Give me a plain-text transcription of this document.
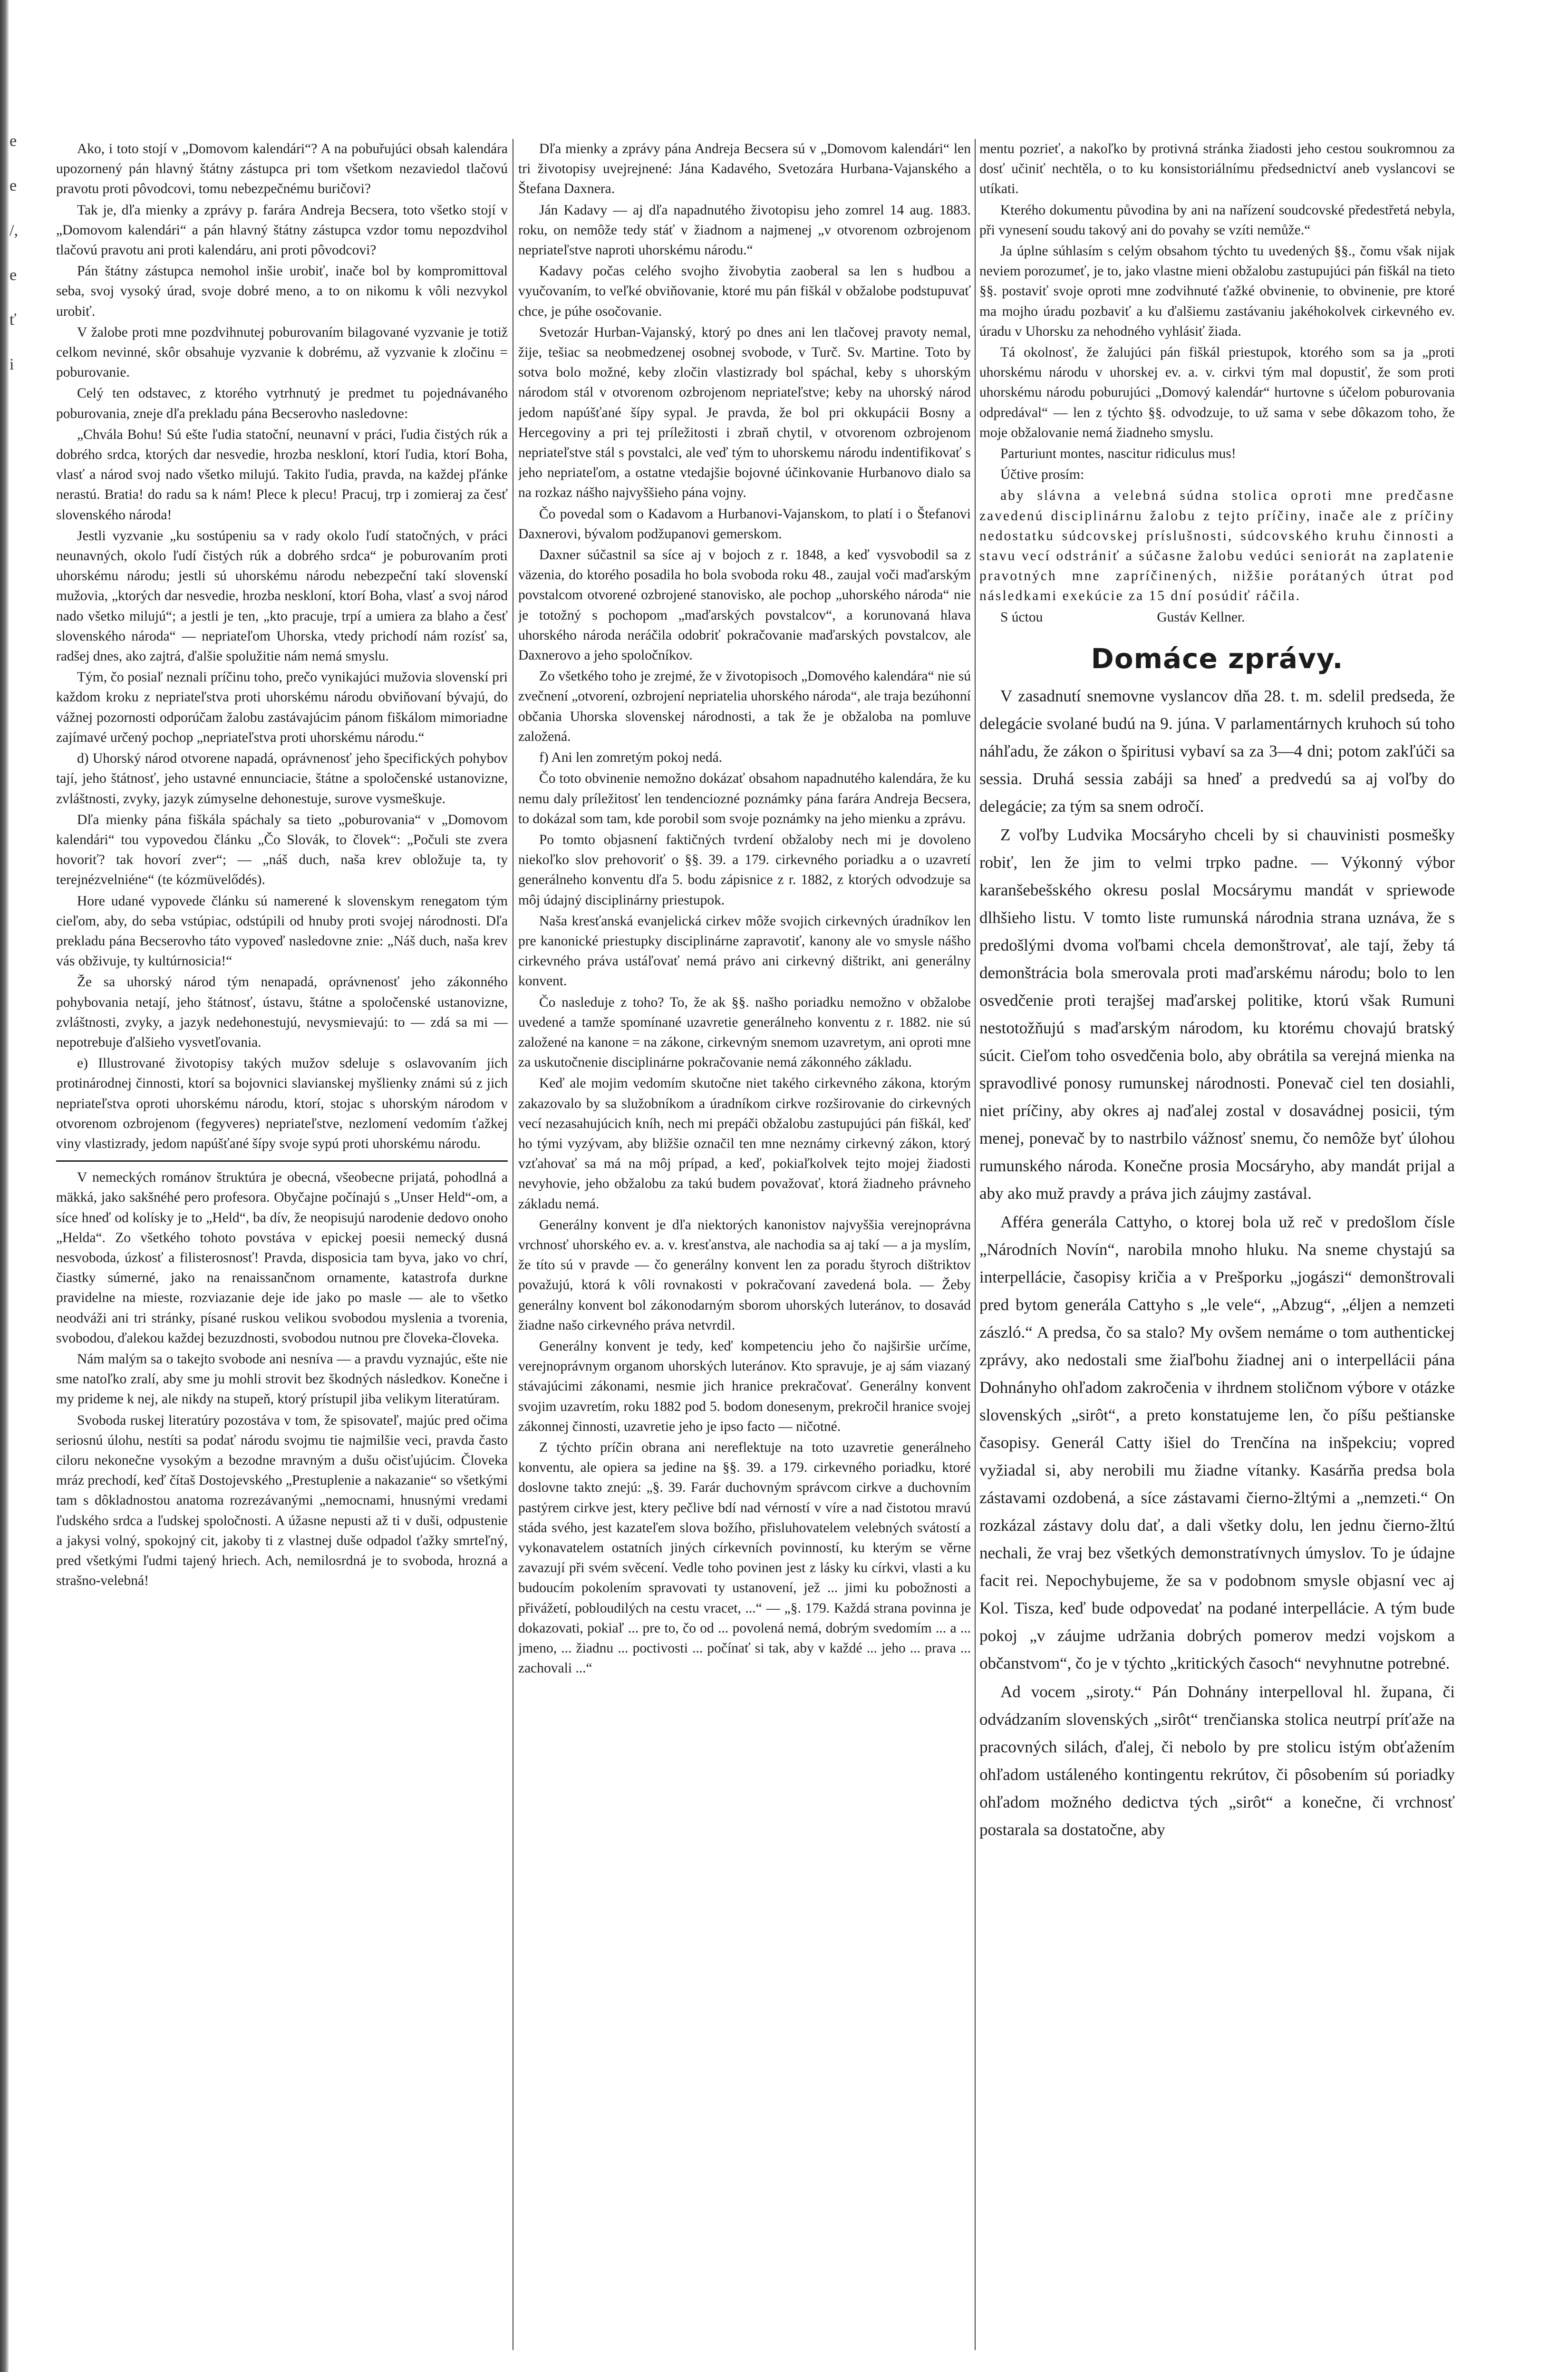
e
e
/,
e
ť
i

Ako, i toto stojí v „Domovom kalendári“? A na pobuřujúci obsah kalendára upozornený pán hlavný štátny zástupca pri tom všetkom nezaviedol tlačovú pravotu proti pôvodcovi, tomu nebezpečnému buričovi?

Tak je, dľa mienky a zprávy p. farára Andreja Becsera, toto všetko stojí v „Domovom kalendári“ a pán hlavný štátny zástupca vzdor tomu nepozdvihol tlačovú pravotu ani proti kalendáru, ani proti pôvodcovi?

Pán štátny zástupca nemohol inšie urobiť, inače bol by kompromittoval seba, svoj vysoký úrad, svoje dobré meno, a to on nikomu k vôli nezvykol urobiť.

V žalobe proti mne pozdvihnutej poburovaním bilagované vyzvanie je totiž celkom nevinné, skôr obsahuje vyzvanie k dobrému, až vyzvanie k zločinu = poburovanie.

Celý ten odstavec, z ktorého vytrhnutý je predmet tu pojednávaného poburovania, zneje dľa prekladu pána Becserovho nasledovne:

„Chvála Bohu! Sú ešte ľudia statoční, neunavní v práci, ľudia čistých rúk a dobrého srdca, ktorých dar nesvedie, hrozba neskloní, ktorí ľudia, ktorí Boha, vlasť a národ svoj nado všetko milujú. Takito ľudia, pravda, na každej pľánke nerastú. Bratia! do radu sa k nám! Plece k plecu! Pracuj, trp i zomieraj za česť slovenského národa!

Jestli vyzvanie „ku sostúpeniu sa v rady okolo ľudí statočných, v práci neunavných, okolo ľudí čistých rúk a dobrého srdca“ je poburovaním proti uhorskému národu; jestli sú uhorskému národu nebezpeční takí slovenskí mužovia, „ktorých dar nesvedie, hrozba neskloní, ktorí Boha, vlasť a svoj národ nado všetko milujú“; a jestli je ten, „kto pracuje, trpí a umiera za blaho a česť slovenského národa“ — nepriateľom Uhorska, vtedy prichodí nám rozísť sa, radšej dnes, ako zajtrá, ďalšie spolužitie nám nemá smyslu.

Tým, čo posiaľ neznali príčinu toho, prečo vynikajúci mužovia slovenskí pri každom kroku z nepriateľstva proti uhorskému národu obviňovaní bývajú, do vážnej pozornosti odporúčam žalobu zastávajúcim pánom fiškálom mimoriadne zajímavé určený pochop „nepriateľstva proti uhorskému národu.“

d) Uhorský národ otvorene napadá, oprávnenosť jeho špecifických pohybov tají, jeho štátnosť, jeho ustavné ennunciacie, štátne a spoločenské ustanovizne, zvláštnosti, zvyky, jazyk zúmyselne dehonestuje, surove vysmeškuje.

Dľa mienky pána fiškála spáchaly sa tieto „poburovania“ v „Domovom kalendári“ tou vypovedou článku „Čo Slovák, to človek“: „Počuli ste zvera hovoriť? tak hovorí zver“; — „náš duch, naša krev obložuje ta, ty terejnézvelniéne“ (te kózmüvelődés).

Hore udané vypovede článku sú namerené k slovenskym renegatom tým cieľom, aby, do seba vstúpiac, odstúpili od hnuby proti svojej národnosti. Dľa prekladu pána Becserovho táto vypoveď nasledovne znie: „Náš duch, naša krev vás obživuje, ty kultúrnosicia!“

Že sa uhorský národ tým nenapadá, oprávnenosť jeho zákonného pohybovania netají, jeho štátnosť, ústavu, štátne a spoločenské ustanovizne, zvláštnosti, zvyky, a jazyk nedehonestujú, nevysmievajú: to — zdá sa mi — nepotrebuje ďalšieho vysvetľovania.

e) Illustrované životopisy takých mužov sdeluje s oslavovaním jich protinárodnej činnosti, ktorí sa bojovnici slavianskej myšlienky známi sú z jich nepriateľstva oproti uhorskému národu, ktorí, stojac s uhorským národom v otvorenom ozbrojenom (fegyveres) nepriateľstve, nezlomení vedomím ťažkej viny vlastizrady, jedom napúšťané šípy svoje sypú proti uhorskému národu.

V nemeckých románov štruktúra je obecná, všeobecne prijatá, pohodlná a mäkká, jako sakšnéhé pero profesora. Obyčajne počínajú s „Unser Held“-om, a síce hneď od kolísky je to „Held“, ba dív, že neopisujú narodenie dedovo onoho „Helda“. Zo všetkého tohoto povstáva v epickej poesii nemecký dusná nesvoboda, úzkosť a filisterosnosť! Pravda, disposicia tam byva, jako vo chrí, čiastky súmerné, jako na renaissančnom ornamente, katastrofa durkne pravidelne na mieste, rozviazanie deje ide jako po masle — ale to všetko neodváži ani tri stránky, písané ruskou velikou svobodou myslenia a tvorenia, svobodou, ďalekou každej bezuzdnosti, svobodou nutnou pre človeka-človeka.

Nám malým sa o takejto svobode ani nesníva — a pravdu vyznajúc, ešte nie sme natoľko zralí, aby sme ju mohli strovit bez škodných následkov. Konečne i my prideme k nej, ale nikdy na stupeň, ktorý prístupil jiba velikym literatúram.

Svoboda ruskej literatúry pozostáva v tom, že spisovateľ, majúc pred očima seriosnú úlohu, nestíti sa podať národu svojmu tie najmilšie veci, pravda často ciloru nekonečne vysokým a bezodne mravným a dušu očisťujúcim. Človeka mráz prechodí, keď čítaš Dostojevského „Prestuplenie a nakazanie“ so všetkými tam s dôkladnostou anatoma rozrezávanými „nemocnami, hnusnými vredami ľudského srdca a ľudskej spoločnosti. A úžasne nepusti až ti v duši, odpustenie a jakysi volný, spokojný cit, jakoby ti z vlastnej duše odpadol ťažky smrteľný, pred všetkými ľudmi tajený hriech. Ach, nemilosrdná je to svoboda, hrozná a strašno-velebná!

Dľa mienky a zprávy pána Andreja Becsera sú v „Domovom kalendári“ len tri životopisy uvejrejnené: Jána Kadavého, Svetozára Hurbana-Vajanského a Štefana Daxnera.

Ján Kadavy — aj dľa napadnutého životopisu jeho zomrel 14 aug. 1883. roku, on nemôže tedy stáť v žiadnom a najmenej „v otvorenom ozbrojenom nepriateľstve naproti uhorskému národu.“

Kadavy počas celého svojho živobytia zaoberal sa len s hudbou a vyučovaním, to veľké obviňovanie, ktoré mu pán fiškál v obžalobe podstupuvať chce, je púhe osočovanie.

Svetozár Hurban-Vajanský, ktorý po dnes ani len tlačovej pravoty nemal, žije, tešiac sa neobmedzenej osobnej svobode, v Turč. Sv. Martine. Toto by sotva bolo možné, keby zločin vlastizrady bol spáchal, keby s uhorským národom stál v otvorenom ozbrojenom nepriateľstve; keby na uhorský národ jedom napúšťané šípy sypal. Je pravda, že bol pri okkupácii Bosny a Hercegoviny a pri tej príležitosti i zbraň chytil, v otvorenom ozbrojenom nepriateľstve stál s povstalci, ale veď tým to uhorskemu národu indentifikovať s jeho nepriateľom, a ostatne vtedajšie bojovné účinkovanie Hurbanovo dialo sa na rozkaz nášho najvyššieho pána vojny.

Čo povedal som o Kadavom a Hurbanovi-Vajanskom, to platí i o Štefanovi Daxnerovi, bývalom podžupanovi gemerskom.

Daxner súčastnil sa síce aj v bojoch z r. 1848, a keď vysvobodil sa z väzenia, do ktorého posadila ho bola svoboda roku 48., zaujal voči maďarským povstalcom otvorené ozbrojené stanovisko, ale pochop „uhorského národa“ nie je totožný s pochopom „maďarských povstalcov“, a korunovaná hlava uhorského národa neráčila odobriť pokračovanie maďarských povstalcov, ale Daxnerovo a jeho spoločníkov.

Zo všetkého toho je zrejmé, že v životopisoch „Domového kalendára“ nie sú zvečnení „otvorení, ozbrojení nepriatelia uhorského národa“, ale traja bezúhonní občania Uhorska slovenskej národnosti, a tak že je obžaloba na pomluve založená.

f) Ani len zomretým pokoj nedá.

Čo toto obvinenie nemožno dokázať obsahom napadnutého kalendára, že ku nemu daly príležitosť len tendenciozné poznámky pána farára Andreja Becsera, to dokázal som tam, kde porobil som svoje poznámky na jeho mienku a zprávu.

Po tomto objasnení faktičných tvrdení obžaloby nech mi je dovoleno niekoľko slov prehovoriť o §§. 39. a 179. cirkevného poriadku a o uzavretí generálneho konventu dľa 5. bodu zápisnice z r. 1882, z ktorých odvodzuje sa môj údajný disciplinárny priestupok.

Naša kresťanská evanjelická cirkev môže svojich cirkevných úradníkov len pre kanonické priestupky disciplinárne zapravotiť, kanony ale vo smysle nášho cirkevného práva ustáľovať nemá právo ani cirkevný dištrikt, ani generálny konvent.

Čo nasleduje z toho? To, že ak §§. našho poriadku nemožno v obžalobe uvedené a tamže spomínané uzavretie generálneho konventu z r. 1882. nie sú založené na kanone = na zákone, cirkevným snemom uzavretym, ani oproti mne za uskutočnenie disciplinárne pokračovanie nemá zákonného základu.

Keď ale mojim vedomím skutočne niet takého cirkevného zákona, ktorým zakazovalo by sa služobníkom a úradníkom cirkve rozširovanie do cirkevných vecí nezasahujúcich kníh, nech mi prepáči obžalobu zastupujúci pán fiškál, keď ho tými vyzývam, aby bližšie označil ten mne neznámy cirkevný zákon, ktorý vzťahovať sa má na môj prípad, a keď, pokiaľkolvek tejto mojej žiadosti nevyhovie, jeho obžalobu za takú budem považovať, ktorá žiadneho právneho základu nemá.

Generálny konvent je dľa niektorých kanonistov najvyššia verejnoprávna vrchnosť uhorského ev. a. v. kresťanstva, ale nachodia sa aj takí — a ja myslím, že títo sú v pravde — čo generálny konvent len za poradu štyroch dištriktov považujú, ktorá k vôli rovnakosti v pokračovaní zavedená bola. — Žeby generálny konvent bol zákonodarným sborom uhorských luteránov, to dosavád žiadne našo cirkevného práva netvrdil.

Generálny konvent je tedy, keď kompetenciu jeho čo najširšie určíme, verejnoprávnym organom uhorských luteránov. Kto spravuje, je aj sám viazaný stávajúcimi zákonami, nesmie jich hranice prekračovať. Generálny konvent svojim uzavretím, roku 1882 pod 5. bodom donesenym, prekročil hranice svojej zákonnej činnosti, uzavretie jeho je ipso facto — ničotné.

Z týchto príčin obrana ani nereflektuje na toto uzavretie generálneho konventu, ale opiera sa jedine na §§. 39. a 179. cirkevného poriadku, ktoré doslovne takto znejú: „§. 39. Farár duchovným správcom cirkve a duchovním pastýrem cirkve jest, ktery pečlive bdí nad vérností v víre a nad čistotou mravú stáda svého, jest kazateľem slova božího, přisluhovatelem velebných svátostí a vykonavatelem ostatních jiných církevních povinností, ku kterým se věrne zavazují při svém svěcení. Vedle toho povinen jest z lásky ku církvi, vlasti a ku budoucím pokolením spravovati ty ustanovení, jež ... jimi ku pobožnosti a přivážetí, pobloudilých na cestu vracet, ...“ — „§. 179. Každá strana povinna je dokazovati, pokiaľ ... pre to, čo od ... povolená nemá, dobrým svedomím ... a ... jmeno, ... žiadnu ... poctivosti ... počínať si tak, aby v každé ... jeho ... prava ... zachovali ...“

mentu pozrieť, a nakoľko by protivná stránka žiadosti jeho cestou soukromnou za dosť učiniť nechtěla, o to ku konsistoriálnímu předsednictví aneb vyslancovi se utíkati.

Kterého dokumentu původina by ani na nařízení soudcovské předestřetá nebyla, při vynesení soudu takový ani do povahy se vzíti nemůže.“

Ja úplne súhlasím s celým obsahom týchto tu uvedených §§., čomu však nijak neviem porozumeť, je to, jako vlastne mieni obžalobu zastupujúci pán fiškál na tieto §§. postaviť svoje oproti mne zodvihnuté ťažké obvinenie, to obvinenie, pre ktoré ma mojho úradu pozbaviť a ku ďalšiemu zastávaniu jakéhokolvek cirkevného ev. úradu v Uhorsku za nehodného vyhlásiť žiada.

Tá okolnosť, že žalujúci pán fiškál priestupok, ktorého som sa ja „proti uhorskému národu v uhorskej ev. a. v. cirkvi tým mal dopustiť, že som proti uhorskému národu poburujúci „Domový kalendár“ hurtovne s účelom poburovania odpredával“ — len z týchto §§. odvodzuje, to už sama v sebe dôkazom toho, že moje obžalovanie nemá žiadneho smyslu.

Parturiunt montes, nascitur ridiculus mus!

Účtive prosím:

aby slávna a velebná súdna stolica oproti mne predčasne zavedenú disciplinárnu žalobu z tejto príčiny, inače ale z príčiny nedostatku súdcovskej príslušnosti, súdcovského kruhu činnosti a stavu vecí odstrániť a súčasne žalobu vedúci seniorát na zaplatenie pravotných mne zapríčinených, nižšie porátaných útrat pod následkami exekúcie za 15 dní posúdiť ráčila.

S úctou	Gustáv Kellner.

Domáce zprávy.

V zasadnutí snemovne vyslancov dňa 28. t. m. sdelil predseda, že delegácie svolané budú na 9. júna. V parlamentárnych kruhoch sú toho náhľadu, že zákon o špiritusi vybaví sa za 3—4 dni; potom zakľúči sa sessia. Druhá sessia zabáji sa hneď a predvedú sa aj voľby do delegácie; za tým sa snem odročí.

Z voľby Ludvika Mocsáryho chceli by si chauvinisti posmešky robiť, len že jim to velmi trpko padne. — Výkonný výbor karanšebešského okresu poslal Mocsárymu mandát v spriewode dlhšieho listu. V tomto liste rumunská národnia strana uznáva, že s predošlými dvoma voľbami chcela demonštrovať, ale tají, žeby tá demonštrácia bola smerovala proti maďarskému národu; bolo to len osvedčenie proti terajšej maďarskej politike, ktorú však Rumuni nestotožňujú s maďarským národom, ku ktorému chovajú bratský súcit. Cieľom toho osvedčenia bolo, aby obrátila sa verejná mienka na spravodlivé ponosy rumunskej národnosti. Ponevač ciel ten dosiahli, niet príčiny, aby okres aj naďalej zostal v dosavádnej posicii, tým menej, ponevač by to nastrbilo vážnosť snemu, čo nemôže byť úlohou rumunského národa. Konečne prosia Mocsáryho, aby mandát prijal a aby ako muž pravdy a práva jich záujmy zastával.

Afféra generála Cattyho, o ktorej bola už reč v predošlom čísle „Národních Novín“, narobila mnoho hluku. Na sneme chystajú sa interpellácie, časopisy kričia a v Prešporku „jogászi“ demonštrovali pred bytom generála Cattyho s „le vele“, „Abzug“, „éljen a nemzeti zászló.“ A predsa, čo sa stalo? My ovšem nemáme o tom authentickej zprávy, ako nedostali sme žiaľbohu žiadnej ani o interpellácii pána Dohnányho ohľadom zakročenia v ihrdnem stoličnom výbore v otázke slovenských „sirôt“, a preto konstatujeme len, čo píšu peštianske časopisy. Generál Catty išiel do Trenčína na inšpekciu; vopred vyžiadal si, aby nerobili mu žiadne vítanky. Kasárňa predsa bola zástavami ozdobená, a síce zástavami čierno-žltými a „nemzeti.“ On rozkázal zástavy dolu dať, a dali všetky dolu, len jednu čierno-žltú nechali, že vraj bez všetkých demonstratívnych úmyslov. To je údajne facit rei. Nepochybujeme, že sa v podobnom smysle objasní vec aj Kol. Tisza, keď bude odpovedať na podané interpellácie. A tým bude pokoj „v záujme udržania dobrých pomerov medzi vojskom a občanstvom“, čo je v týchto „kritických časoch“ nevyhnutne potrebné.

Ad vocem „siroty.“ Pán Dohnány interpelloval hl. župana, či odvádzaním slovenských „sirôt“ trenčianska stolica neutrpí príťaže na pracovných silách, ďalej, či nebolo by pre stolicu istým obťažením ohľadom ustáleného kontingentu rekrútov, či pôsobením sú poriadky ohľadom možného dedictva tých „sirôt“ a konečne, či vrchnosť postarala sa dostatočne, aby
